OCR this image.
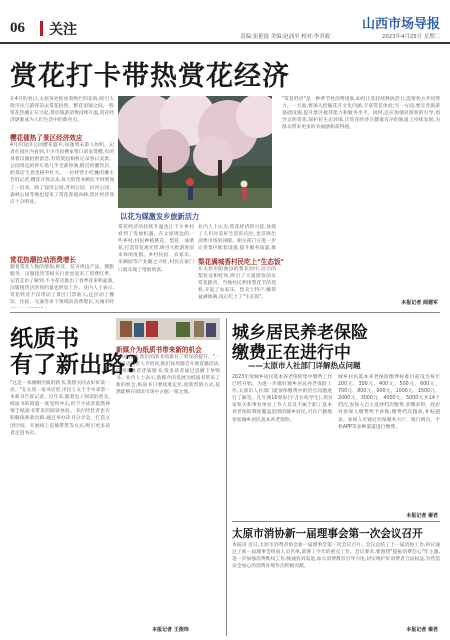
06 关注	山西市场导报
责编:崔艳霞 美编:赵涌至 校对:李君毅	2023年4月25日 星期二
赏花打卡带热赏花经济
在4月的春日,太原各处绽放着绚烂的花海,吸引大批市民与游客前去赏花拍照。繁花似锦之间,一股赏花热潮正在兴起,带动旅游消费持续升温,赏花经济逐渐成为人们生活中的新亮点。
樱花催热了景区经济效应
4月的迎泽公园樱花盛开,每逢周末游人如织。记者在园区内看到,不少市民携家带口前来赏樱,有的身着汉服拍照留念,有的架起相机记录春日美景。公园周边的停车场几乎全部停满,附近的餐饮店、奶茶店生意也格外红火。一位经营小吃摊的摊主告诉记者,樱花开放以来,每天的营业额比平时增加了一倍多。除了迎泽公园,晋祠公园、汾河公园、森林公园等地也迎来了赏花客流高峰,景区经济效应十分明显。
赏花热潮拉动消费增长
随着赏花人数的增加,鲜花、花卉周边产品、摄影服务、汉服租赁等相关行业也迎来了消费旺季。记者走访了解到,不少花店推出了春季花束和盆栽,汉服租赁店的预约量也明显上升。业内人士表示,赏花经济不仅带动了景区门票收入,还拉动了餐饮、住宿、交通等多个领域的消费增长,为城市经
以花为媒激发乡旅新活力
赏花经济的持续升温也让不少乡村看到了发展机遇。在太原周边的一些乡村,村民种植桃花、梨花、油菜花,打造赏花观光带,吸引大批游客前来休闲度假。乡村民宿、农家乐、采摘园等产业随之兴旺,村民在家门口就实现了增收致富。
业内人士认为,赏花经济的兴起,体现了人们对美好生活的向往,也反映出消费市场的回暖。相关部门应进一步完善景区配套设施,提升服务质量,推
梨花满城香村民吃上"生态饭"
在太原市阳曲县的梨花园中,洁白的梨花竞相绽放,吸引了大量游客前来赏花踏青。当地村民利用梨花节的契机,开起了农家乐、售卖土特产,赚得盆满钵满,真正吃上了"生态饭"。
"赏花经济"是一种季节性消费现象,如何让其持续释放活力,需要各方共同努力。一方面,要深入挖掘花卉文化内涵,丰富赏花体验;另一方面,要完善旅游基础设施,提升景区接待能力和服务水平。同时,还应加强对游客的引导,倡导文明赏花,保护好生态环境,让赏花经济在健康有序的轨道上持续发展,为群众带来更多的幸福感和获得感。
本报记者 阎建军
纸质书
有了新出路?
"这是一本刚刚出版的新书,我想买回去好好读一读。"在太原一家书店里,市民王女士手中拿着一本新书告诉记者。近年来,随着电子阅读的普及,纸质书的销量一度受到冲击,但不少读者依然钟情于纸质书带来的阅读体验。书店经营者也在积极探索新出路,通过举办读书分享会、打造文创空间、开展线上直播带货等方式,吸引更多读者走进书店。
新媒介为纸质书带来新的机会
"通过直播,我们的图书销量有了明显的提升。"一位书店负责人介绍说,他们每周都会开展直播活动,向网友推荐优质图书,很多读者通过直播下单购书。业内人士表示,新媒介的发展为纸质书带来了新的机会,纸质书只要找准定位,创新营销方式,依然能够在阅读市场中占据一席之地。
本报记者 王俊玮
城乡居民养老保险
缴费正在进行中
——太原市人社部门详解热点问题
2023年度城乡居民基本养老保险集中缴费工作已经开始。为进一步做好城乡居民养老保险工作,太原市人社部门就参保缴费中的热点问题进行了解答。凡年满16周岁(不含在校学生),非国家机关和事业单位工作人员及不属于职工基本养老保险制度覆盖范围的城乡居民,可在户籍地参加城乡居民基本养老保险。
城乡居民基本养老保险缴费标准目前设为每年200元、300元、400元、500元、600元、700元、800元、900元、1000元、1500元、2000元、3000元、4000元、5000元共14个档次,参保人自主选择档次缴费,多缴多得。政府对参保人缴费给予补贴,缴费档次越高,补贴越多。参保人可通过社保服务大厅、银行网点、手机APP等多种渠道进行缴费。
本报记者 秦君
太原市消协新一届理事会第一次会议召开
本报讯 近日,太原市消费者协会新一届理事会第一次会议召开。会议总结了上一届消协工作,审议通过了新一届理事会组成人员名单,部署了今年的重点工作。会议要求,要围绕"提振消费信心"年主题,进一步加强消费维权工作,畅通投诉渠道,加大消费教育引导力度,切实维护好消费者合法权益,为营造安全放心的消费环境作出积极贡献。
本报记者 秦君
